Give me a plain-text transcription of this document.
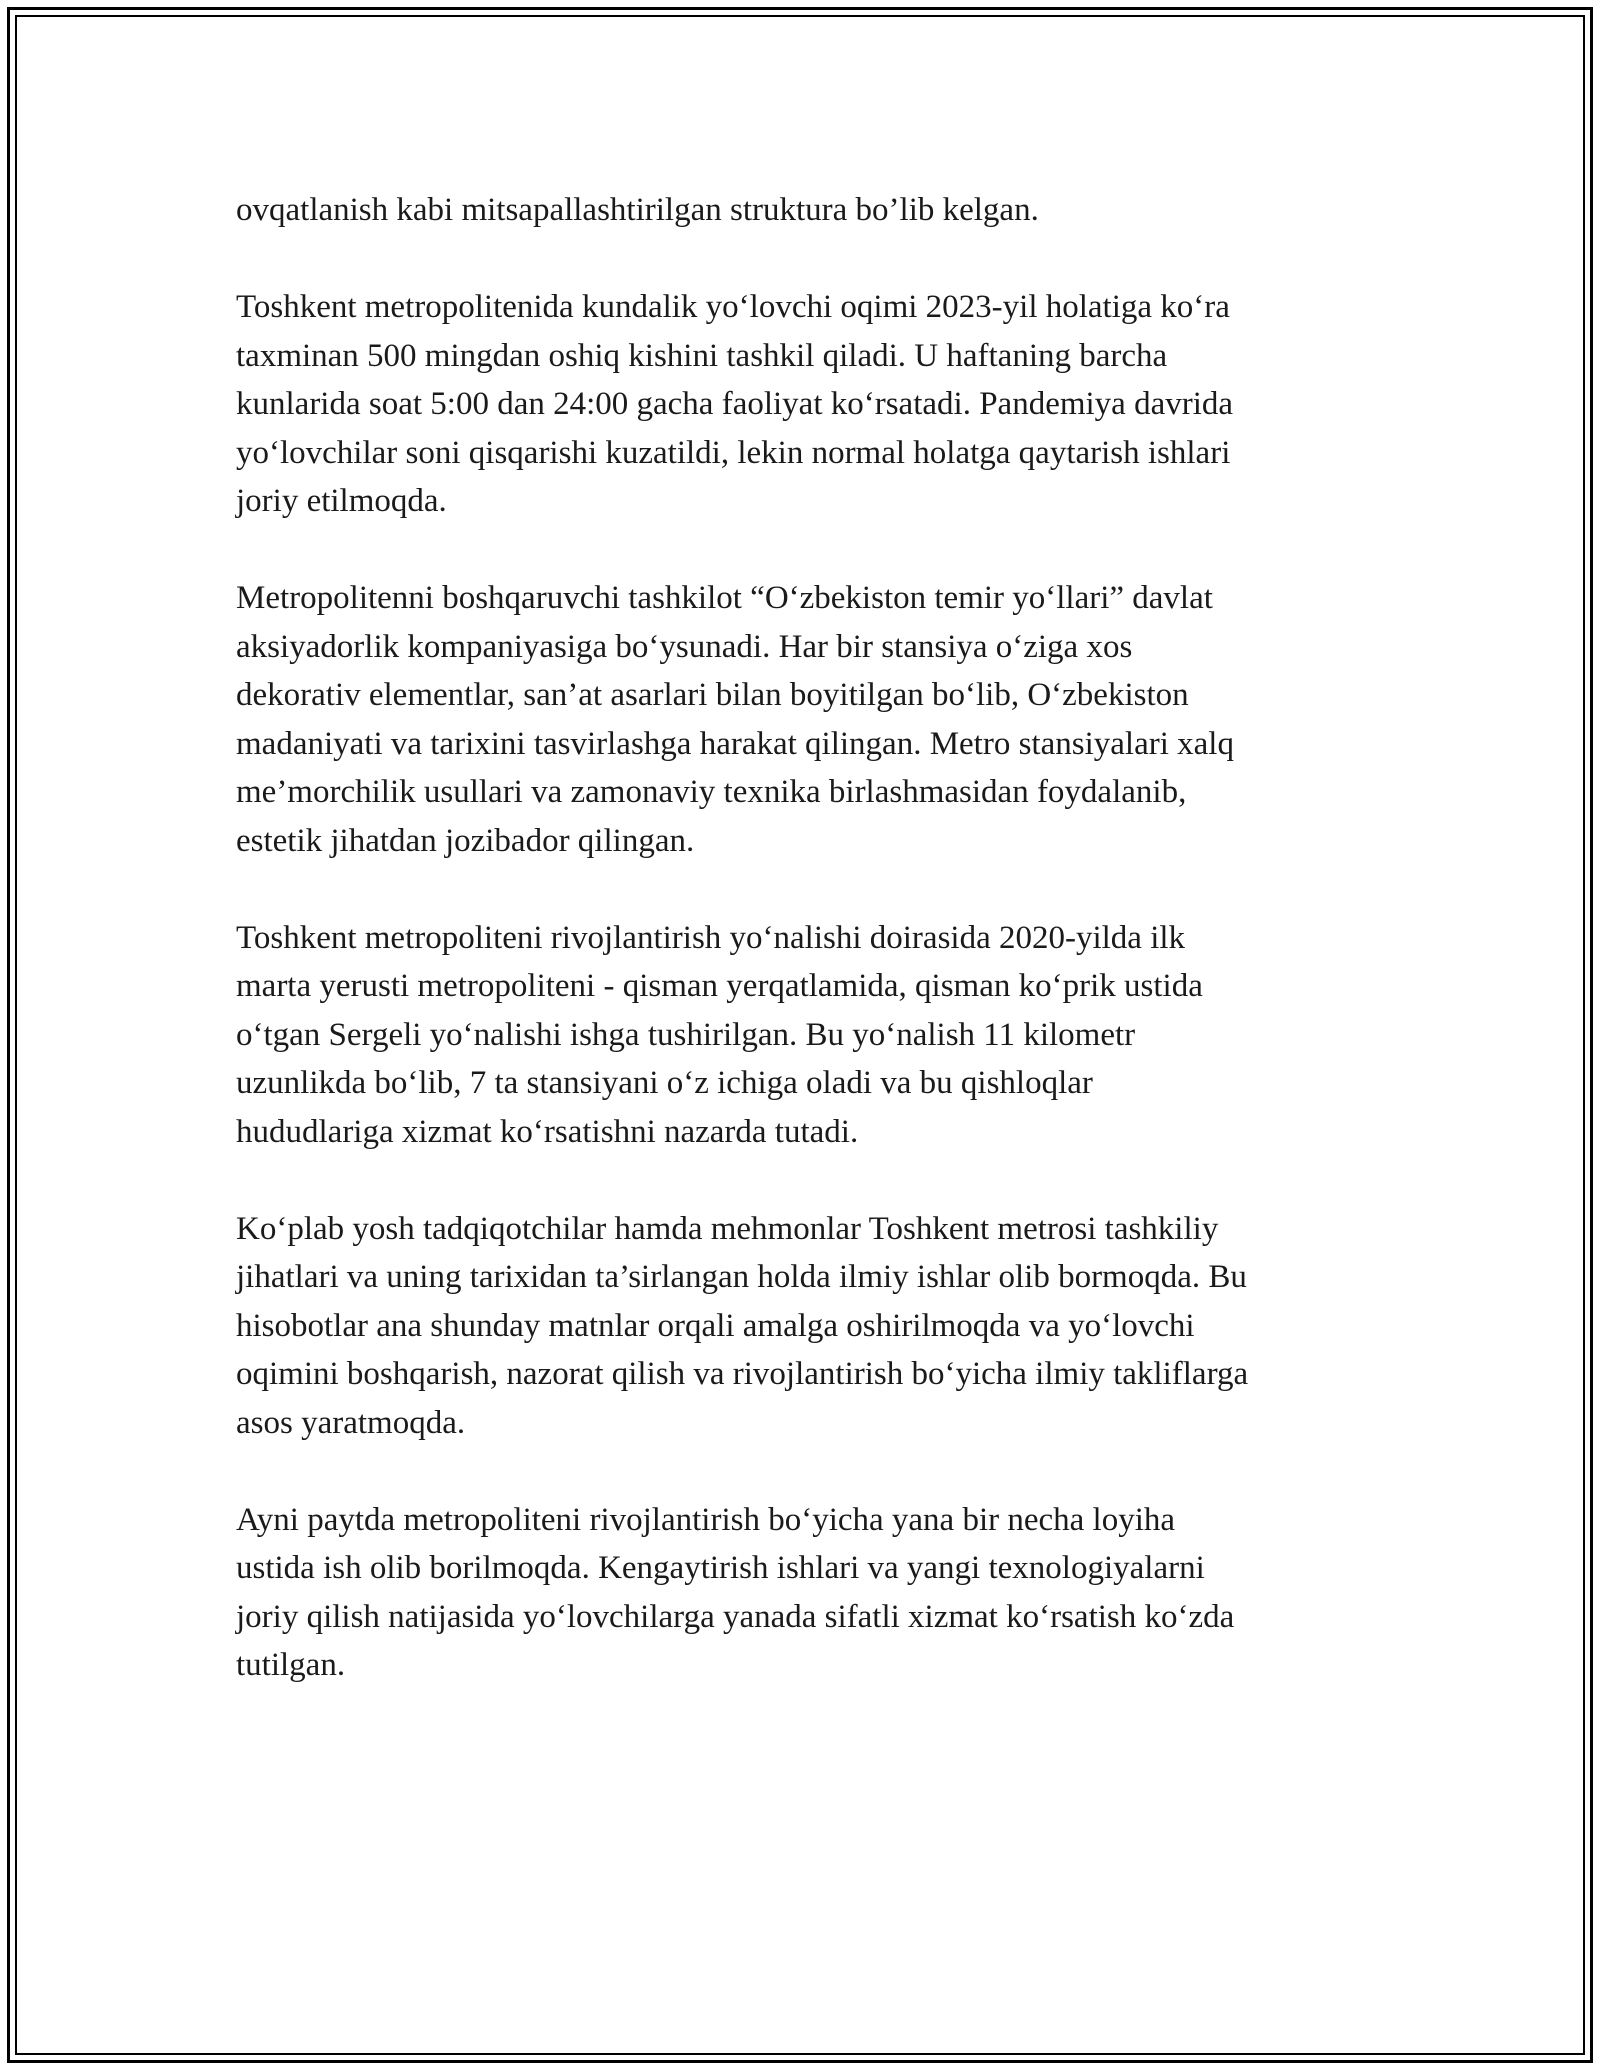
ovqatlanish kabi mitsapallashtirilgan struktura bo’lib kelgan.

Toshkent metropolitenida kundalik yo‘lovchi oqimi 2023-yil holatiga ko‘ra
taxminan 500 mingdan oshiq kishini tashkil qiladi. U haftaning barcha
kunlarida soat 5:00 dan 24:00 gacha faoliyat ko‘rsatadi. Pandemiya davrida
yo‘lovchilar soni qisqarishi kuzatildi, lekin normal holatga qaytarish ishlari
joriy etilmoqda.

Metropolitenni boshqaruvchi tashkilot “O‘zbekiston temir yo‘llari” davlat
aksiyadorlik kompaniyasiga bo‘ysunadi. Har bir stansiya o‘ziga xos
dekorativ elementlar, san’at asarlari bilan boyitilgan bo‘lib, O‘zbekiston
madaniyati va tarixini tasvirlashga harakat qilingan. Metro stansiyalari xalq
me’morchilik usullari va zamonaviy texnika birlashmasidan foydalanib,
estetik jihatdan jozibador qilingan.

Toshkent metropoliteni rivojlantirish yo‘nalishi doirasida 2020-yilda ilk
marta yerusti metropoliteni - qisman yerqatlamida, qisman ko‘prik ustida
o‘tgan Sergeli yo‘nalishi ishga tushirilgan. Bu yo‘nalish 11 kilometr
uzunlikda bo‘lib, 7 ta stansiyani o‘z ichiga oladi va bu qishloqlar
hududlariga xizmat ko‘rsatishni nazarda tutadi.

Ko‘plab yosh tadqiqotchilar hamda mehmonlar Toshkent metrosi tashkiliy
jihatlari va uning tarixidan ta’sirlangan holda ilmiy ishlar olib bormoqda. Bu
hisobotlar ana shunday matnlar orqali amalga oshirilmoqda va yo‘lovchi
oqimini boshqarish, nazorat qilish va rivojlantirish bo‘yicha ilmiy takliflarga
asos yaratmoqda.

Ayni paytda metropoliteni rivojlantirish bo‘yicha yana bir necha loyiha
ustida ish olib borilmoqda. Kengaytirish ishlari va yangi texnologiyalarni
joriy qilish natijasida yo‘lovchilarga yanada sifatli xizmat ko‘rsatish ko‘zda
tutilgan.
